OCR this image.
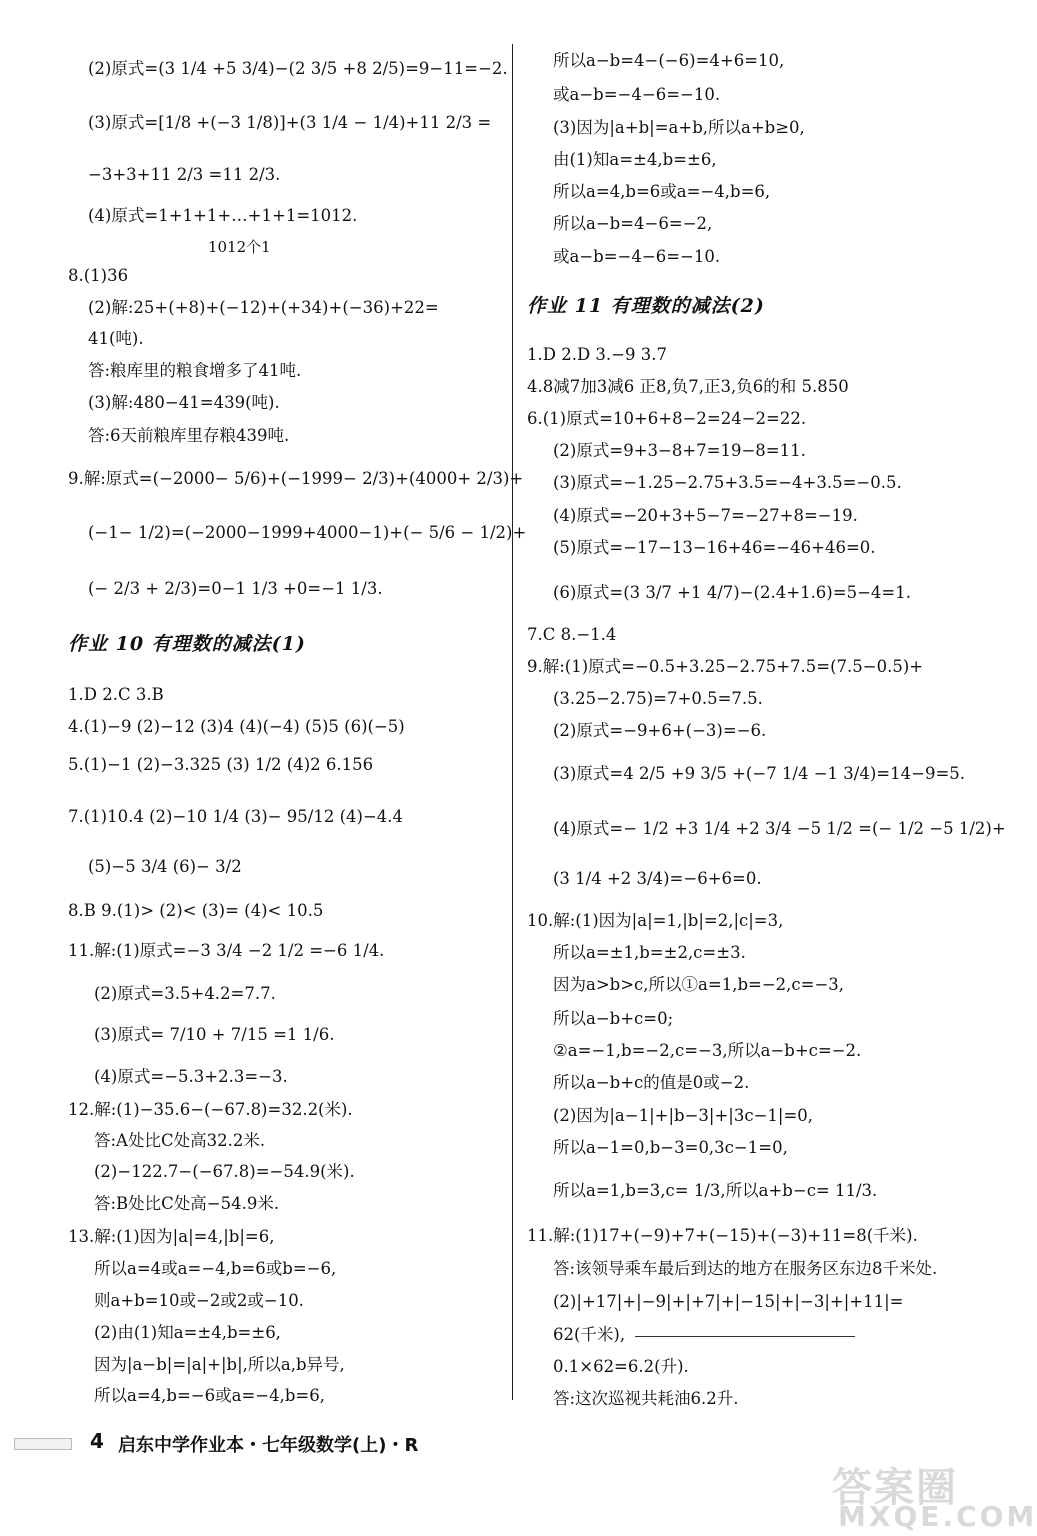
(2)原式=(3 1/4 +5 3/4)−(2 3/5 +8 2/5)=9−11=−2.
(3)原式=[1/8 +(−3 1/8)]+(3 1/4 − 1/4)+11 2/3 =
−3+3+11 2/3 =11 2/3.
(4)原式=1+1+1+…+1+1=1012.
1012个1
8.(1)36
(2)解:25+(+8)+(−12)+(+34)+(−36)+22=
41(吨).
答:粮库里的粮食增多了41吨.
(3)解:480−41=439(吨).
答:6天前粮库里存粮439吨.
9.解:原式=(−2000− 5/6)+(−1999− 2/3)+(4000+ 2/3)+
(−1− 1/2)=(−2000−1999+4000−1)+(− 5/6 − 1/2)+
(− 2/3 + 2/3)=0−1 1/3 +0=−1 1/3.
作业 10 有理数的减法(1)
1.D 2.C 3.B
4.(1)−9 (2)−12 (3)4 (4)(−4) (5)5 (6)(−5)
5.(1)−1 (2)−3.325 (3) 1/2 (4)2 6.156
7.(1)10.4 (2)−10 1/4 (3)− 95/12 (4)−4.4
(5)−5 3/4 (6)− 3/2
8.B 9.(1)> (2)< (3)= (4)< 10.5
11.解:(1)原式=−3 3/4 −2 1/2 =−6 1/4.
(2)原式=3.5+4.2=7.7.
(3)原式= 7/10 + 7/15 =1 1/6.
(4)原式=−5.3+2.3=−3.
12.解:(1)−35.6−(−67.8)=32.2(米).
答:A处比C处高32.2米.
(2)−122.7−(−67.8)=−54.9(米).
答:B处比C处高−54.9米.
13.解:(1)因为|a|=4,|b|=6,
所以a=4或a=−4,b=6或b=−6,
则a+b=10或−2或2或−10.
(2)由(1)知a=±4,b=±6,
因为|a−b|=|a|+|b|,所以a,b异号,
所以a=4,b=−6或a=−4,b=6,
所以a−b=4−(−6)=4+6=10,
或a−b=−4−6=−10.
(3)因为|a+b|=a+b,所以a+b≥0,
由(1)知a=±4,b=±6,
所以a=4,b=6或a=−4,b=6,
所以a−b=4−6=−2,
或a−b=−4−6=−10.
作业 11 有理数的减法(2)
1.D 2.D 3.−9 3.7
4.8减7加3减6 正8,负7,正3,负6的和 5.850
6.(1)原式=10+6+8−2=24−2=22.
(2)原式=9+3−8+7=19−8=11.
(3)原式=−1.25−2.75+3.5=−4+3.5=−0.5.
(4)原式=−20+3+5−7=−27+8=−19.
(5)原式=−17−13−16+46=−46+46=0.
(6)原式=(3 3/7 +1 4/7)−(2.4+1.6)=5−4=1.
7.C 8.−1.4
9.解:(1)原式=−0.5+3.25−2.75+7.5=(7.5−0.5)+
(3.25−2.75)=7+0.5=7.5.
(2)原式=−9+6+(−3)=−6.
(3)原式=4 2/5 +9 3/5 +(−7 1/4 −1 3/4)=14−9=5.
(4)原式=− 1/2 +3 1/4 +2 3/4 −5 1/2 =(− 1/2 −5 1/2)+
(3 1/4 +2 3/4)=−6+6=0.
10.解:(1)因为|a|=1,|b|=2,|c|=3,
所以a=±1,b=±2,c=±3.
因为a>b>c,所以①a=1,b=−2,c=−3,
所以a−b+c=0;
②a=−1,b=−2,c=−3,所以a−b+c=−2.
所以a−b+c的值是0或−2.
(2)因为|a−1|+|b−3|+|3c−1|=0,
所以a−1=0,b−3=0,3c−1=0,
所以a=1,b=3,c= 1/3,所以a+b−c= 11/3.
11.解:(1)17+(−9)+7+(−15)+(−3)+11=8(千米).
答:该领导乘车最后到达的地方在服务区东边8千米处.
(2)|+17|+|−9|+|+7|+|−15|+|−3|+|+11|=
62(千米),
0.1×62=6.2(升).
答:这次巡视共耗油6.2升.
4 启东中学作业本・七年级数学(上)・R
答案圈
MXQE.COM
